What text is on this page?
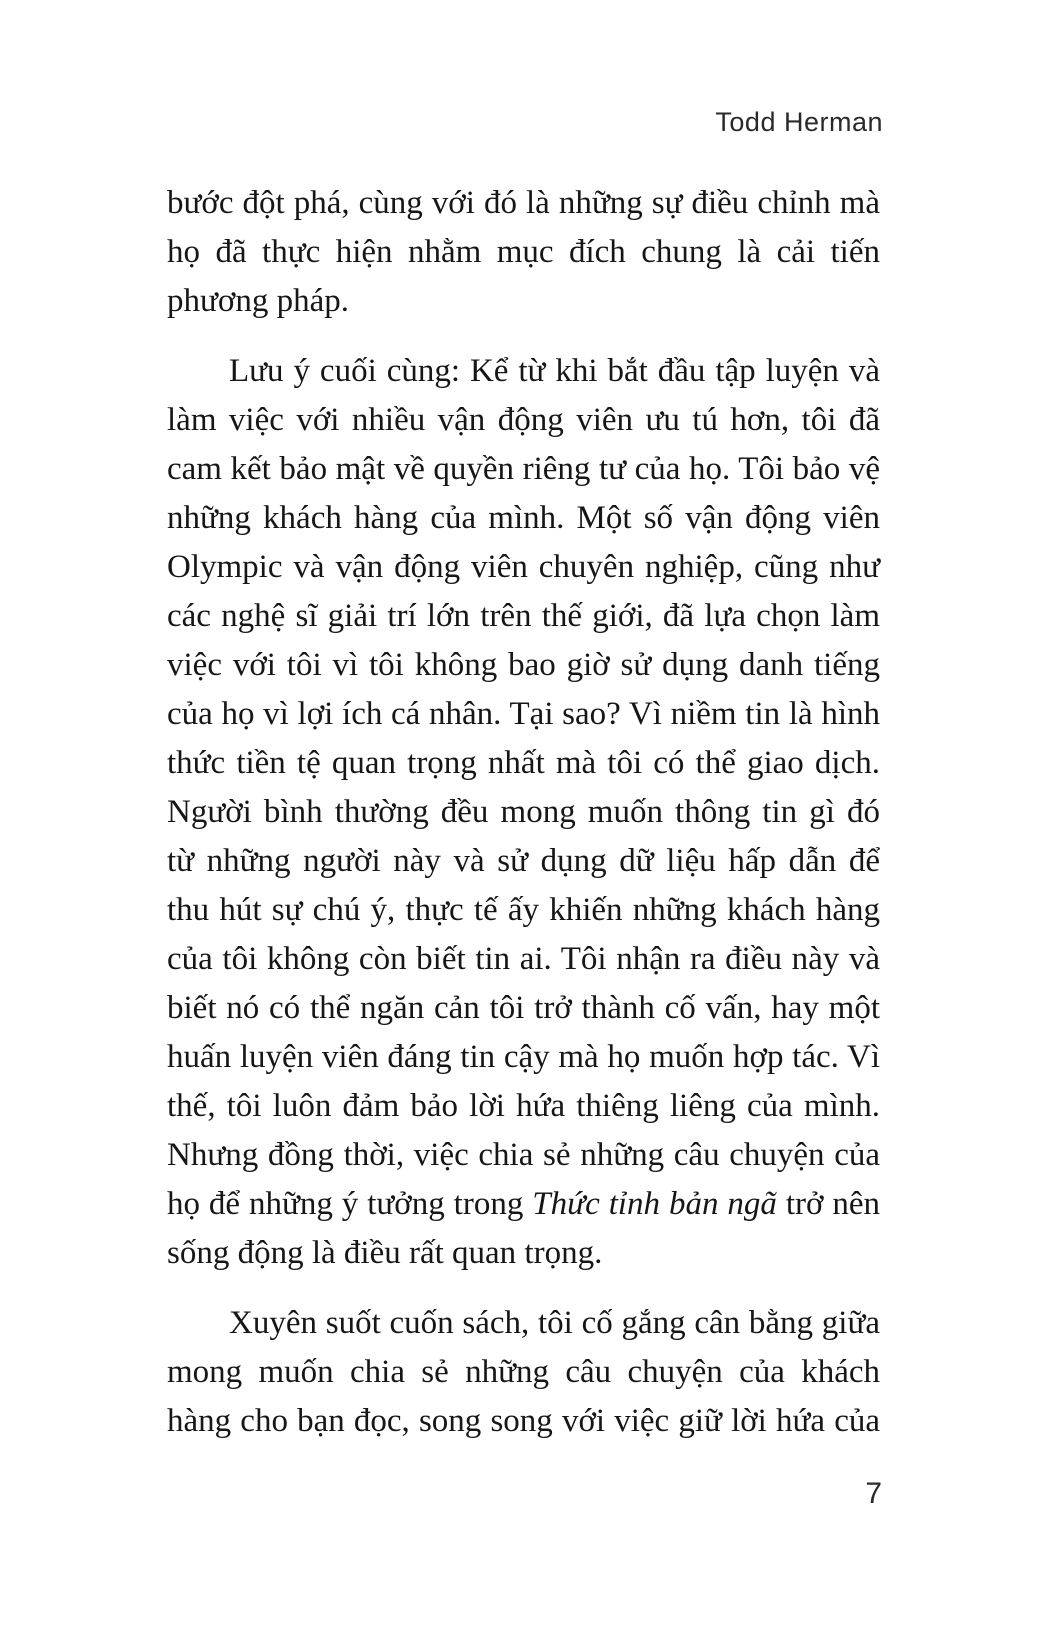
Todd Herman

bước đột phá, cùng với đó là những sự điều chỉnh mà họ đã thực hiện nhằm mục đích chung là cải tiến phương pháp.

Lưu ý cuối cùng: Kể từ khi bắt đầu tập luyện và làm việc với nhiều vận động viên ưu tú hơn, tôi đã cam kết bảo mật về quyền riêng tư của họ. Tôi bảo vệ những khách hàng của mình. Một số vận động viên Olympic và vận động viên chuyên nghiệp, cũng như các nghệ sĩ giải trí lớn trên thế giới, đã lựa chọn làm việc với tôi vì tôi không bao giờ sử dụng danh tiếng của họ vì lợi ích cá nhân. Tại sao? Vì niềm tin là hình thức tiền tệ quan trọng nhất mà tôi có thể giao dịch. Người bình thường đều mong muốn thông tin gì đó từ những người này và sử dụng dữ liệu hấp dẫn để thu hút sự chú ý, thực tế ấy khiến những khách hàng của tôi không còn biết tin ai. Tôi nhận ra điều này và biết nó có thể ngăn cản tôi trở thành cố vấn, hay một huấn luyện viên đáng tin cậy mà họ muốn hợp tác. Vì thế, tôi luôn đảm bảo lời hứa thiêng liêng của mình. Nhưng đồng thời, việc chia sẻ những câu chuyện của họ để những ý tưởng trong Thức tỉnh bản ngã trở nên sống động là điều rất quan trọng.

Xuyên suốt cuốn sách, tôi cố gắng cân bằng giữa mong muốn chia sẻ những câu chuyện của khách hàng cho bạn đọc, song song với việc giữ lời hứa của

7
